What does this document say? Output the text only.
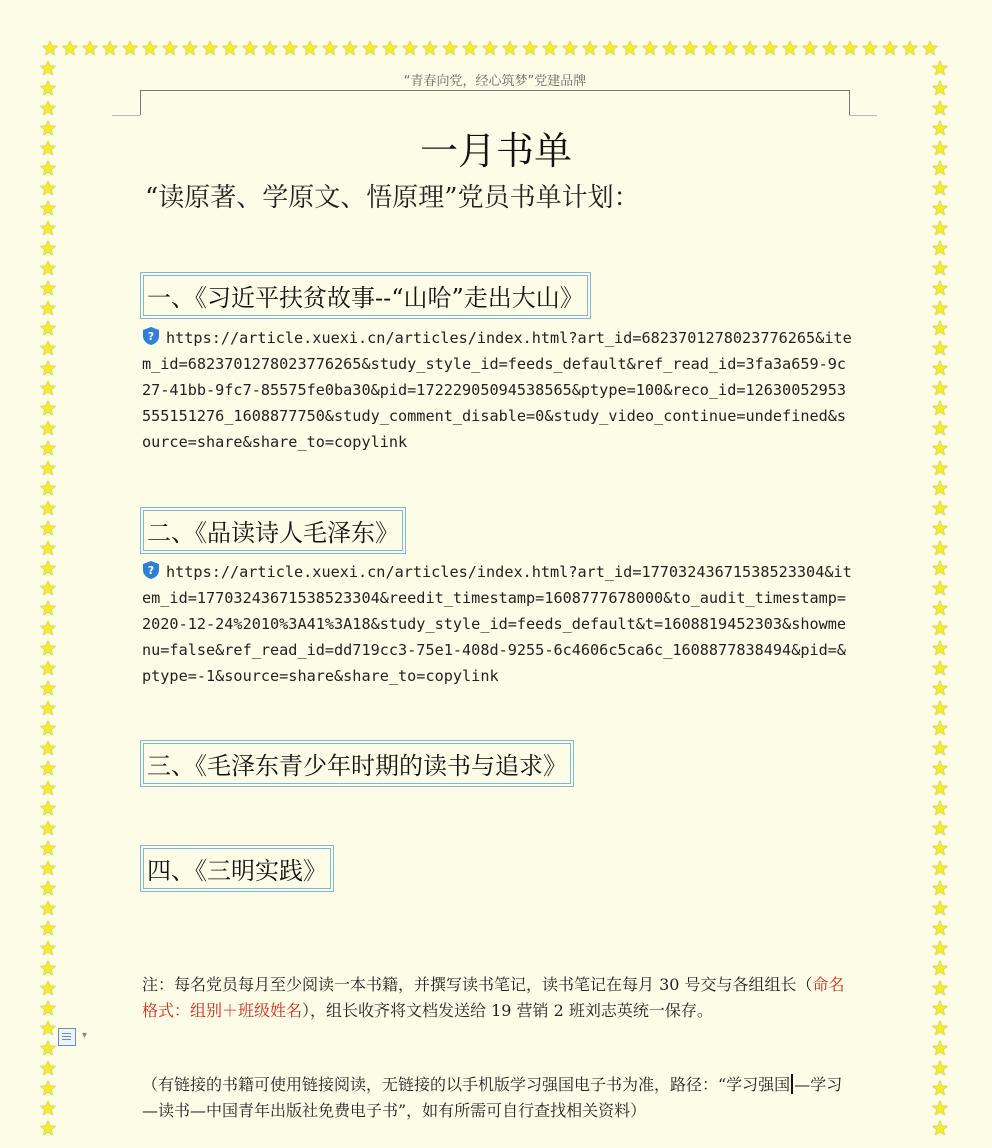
★ ★ ★ ★ ★ ★ ★ ★ ★ ★ ★ ★ ★ ★ ★ ★ ★ ★ ★ ★ ★ ★ ★ ★ ★ ★ ★ ★ ★ ★ ★ ★ ★ ★ ★ ★ ★ ★ ★ ★ ★ ★ ★ ★ ★
★
★
★
★
★
★
★
★
★
★
★
★
★
★
★
★
★
★
★
★
★
★
★
★
★
★
★
★
★
★
★
★
★
★
★
★
★
★
★
★
★
★
★
★
★
★
★
★
★
★
★
★
★
★
★
★
★
★
★
★
★
★
★
★
★
★
★
★
★
★
★
★
★
★
★
★
★
★
★
★
★
★
★
★
★
★
★
★
★
★
★
★
★
★
★
★
★
★
★
★
★
★
★
★
★
★
★
★
“青春向党，经心筑梦”党建品牌
一月书单
“读原著、学原文、悟原理”党员书单计划：
一、《习近平扶贫故事--“山哈”走出大山》
? https://article.xuexi.cn/articles/index.html?art_id=6823701278023776265&item_id=6823701278023776265&study_style_id=feeds_default&ref_read_id=3fa3a659-9c27-41bb-9fc7-85575fe0ba30&pid=17222905094538565&ptype=100&reco_id=12630052953555151276_1608877750&study_comment_disable=0&study_video_continue=undefined&source=share&share_to=copylink
二、《品读诗人毛泽东》
? https://article.xuexi.cn/articles/index.html?art_id=17703243671538523304&item_id=17703243671538523304&reedit_timestamp=1608777678000&to_audit_timestamp=2020-12-24%2010%3A41%3A18&study_style_id=feeds_default&t=1608819452303&showmenu=false&ref_read_id=dd719cc3-75e1-408d-9255-6c4606c5ca6c_1608877838494&pid=&ptype=-1&source=share&share_to=copylink
三、《毛泽东青少年时期的读书与追求》
四、《三明实践》
注：每名党员每月至少阅读一本书籍，并撰写读书笔记，读书笔记在每月 30 号交与各组组长（命名格式：组别＋班级姓名），组长收齐将文档发送给 19 营销 2 班刘志英统一保存。
（有链接的书籍可使用链接阅读，无链接的以手机版学习强国电子书为准，路径：“学习强国 —学习—读书—中国青年出版社免费电子书”，如有所需可自行查找相关资料）
▾
